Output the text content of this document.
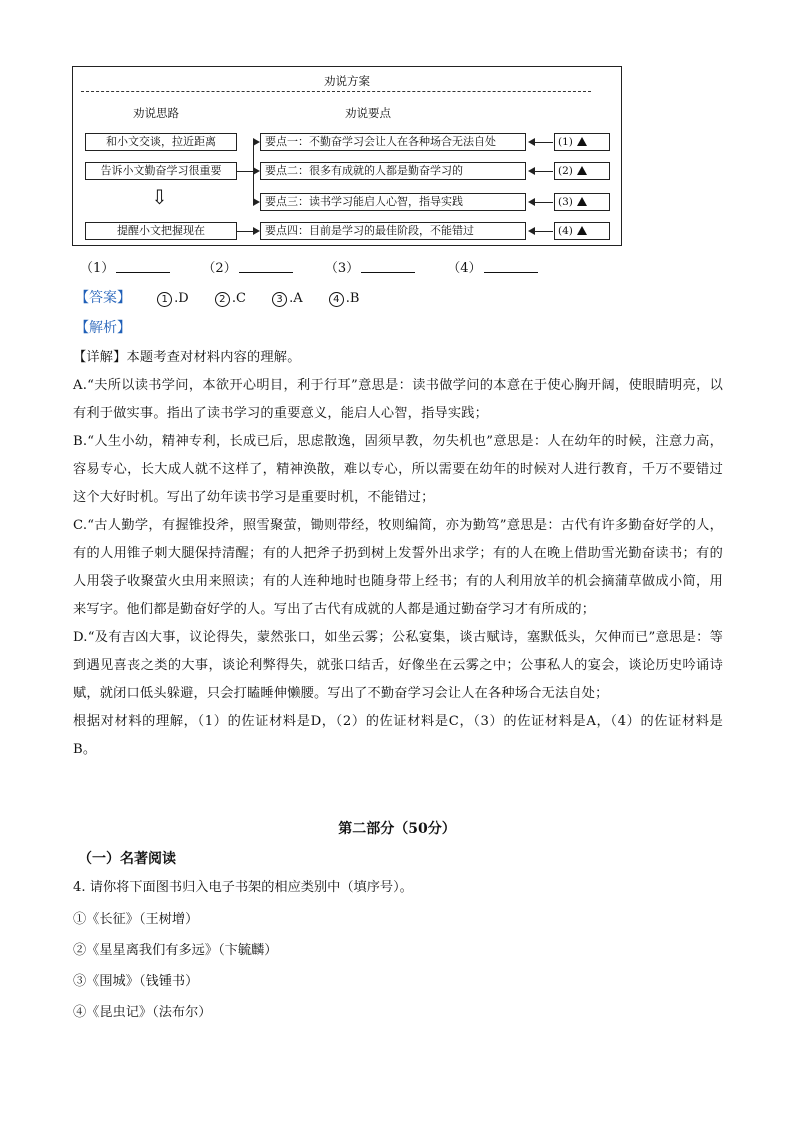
劝说方案
劝说思路	劝说要点
和小文交谈，拉近距离
告诉小文勤奋学习很重要
⇩
提醒小文把握现在
要点一：不勤奋学习会让人在各种场合无法自处
要点二：很多有成就的人都是勤奋学习的
要点三：读书学习能启人心智，指导实践
要点四：目前是学习的最佳阶段，不能错过
(1)
(2)
(3)
(4)
（1）	（2）	（3）	（4）
【答案】	1 .D	2 .C	3 .A	4 .B
【解析】

【详解】本题考查对材料内容的理解。

A.“夫所以读书学问，本欲开心明目，利于行耳”意思是：读书做学问的本意在于使心胸开阔，使眼睛明亮，以有利于做实事。指出了读书学习的重要意义，能启人心智，指导实践；

B.“人生小幼，精神专利，长成已后，思虑散逸，固须早教，勿失机也”意思是：人在幼年的时候，注意力高，容易专心，长大成人就不这样了，精神涣散，难以专心，所以需要在幼年的时候对人进行教育，千万不要错过这个大好时机。写出了幼年读书学习是重要时机，不能错过；

C.“古人勤学，有握锥投斧，照雪聚萤，锄则带经，牧则编简，亦为勤笃”意思是：古代有许多勤奋好学的人，有的人用锥子刺大腿保持清醒；有的人把斧子扔到树上发誓外出求学；有的人在晚上借助雪光勤奋读书；有的人用袋子收聚萤火虫用来照读；有的人连种地时也随身带上经书；有的人利用放羊的机会摘蒲草做成小简，用来写字。他们都是勤奋好学的人。写出了古代有成就的人都是通过勤奋学习才有所成的；

D.“及有吉凶大事，议论得失，蒙然张口，如坐云雾；公私宴集，谈古赋诗，塞默低头，欠伸而已”意思是：等到遇见喜丧之类的大事，谈论利弊得失，就张口结舌，好像坐在云雾之中；公事私人的宴会，谈论历史吟诵诗赋，就闭口低头躲避，只会打瞌睡伸懒腰。写出了不勤奋学习会让人在各种场合无法自处；

根据对材料的理解，（1）的佐证材料是D，（2）的佐证材料是C，（3）的佐证材料是A，（4）的佐证材料是B。

第二部分（50分）
（一）名著阅读
4. 请你将下面图书归入电子书架的相应类别中（填序号）。
①《长征》（王树增）
②《星星离我们有多远》（卞毓麟）
③《围城》（钱锺书）
④《昆虫记》（法布尔）
